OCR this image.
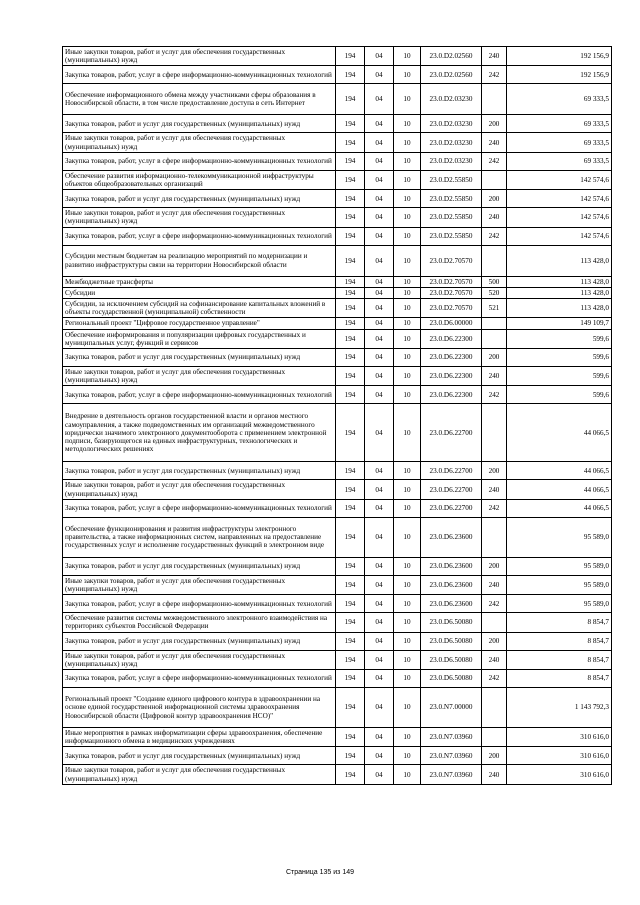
Иные закупки товаров, работ и услуг для обеспечения государственных (муниципальных) нужд	194	04	10	23.0.D2.02560	240	192 156,9
Закупка товаров, работ, услуг в сфере информационно-коммуникационных технологий	194	04	10	23.0.D2.02560	242	192 156,9
Обеспечение информационного обмена между участниками сферы образования в Новосибирской области, в том числе предоставление доступа в сеть Интернет	194	04	10	23.0.D2.03230		69 333,5
Закупка товаров, работ и услуг для государственных (муниципальных) нужд	194	04	10	23.0.D2.03230	200	69 333,5
Иные закупки товаров, работ и услуг для обеспечения государственных (муниципальных) нужд	194	04	10	23.0.D2.03230	240	69 333,5
Закупка товаров, работ, услуг в сфере информационно-коммуникационных технологий	194	04	10	23.0.D2.03230	242	69 333,5
Обеспечение развития информационно-телекоммуникационной инфраструктуры объектов общеобразовательных организаций	194	04	10	23.0.D2.55850		142 574,6
Закупка товаров, работ и услуг для государственных (муниципальных) нужд	194	04	10	23.0.D2.55850	200	142 574,6
Иные закупки товаров, работ и услуг для обеспечения государственных (муниципальных) нужд	194	04	10	23.0.D2.55850	240	142 574,6
Закупка товаров, работ, услуг в сфере информационно-коммуникационных технологий	194	04	10	23.0.D2.55850	242	142 574,6
Субсидии местным бюджетам на реализацию мероприятий по модернизации и развитию инфраструктуры связи на территории Новосибирской области	194	04	10	23.0.D2.70570		113 428,0
Межбюджетные трансферты	194	04	10	23.0.D2.70570	500	113 428,0
Субсидии	194	04	10	23.0.D2.70570	520	113 428,0
Субсидии, за исключением субсидий на софинансирование капитальных вложений в объекты государственной (муниципальной) собственности	194	04	10	23.0.D2.70570	521	113 428,0
Региональный проект "Цифровое государственное управление"	194	04	10	23.0.D6.00000		149 109,7
Обеспечение информирования и популяризации цифровых государственных и муниципальных услуг, функций и сервисов	194	04	10	23.0.D6.22300		599,6
Закупка товаров, работ и услуг для государственных (муниципальных) нужд	194	04	10	23.0.D6.22300	200	599,6
Иные закупки товаров, работ и услуг для обеспечения государственных (муниципальных) нужд	194	04	10	23.0.D6.22300	240	599,6
Закупка товаров, работ, услуг в сфере информационно-коммуникационных технологий	194	04	10	23.0.D6.22300	242	599,6
Внедрение в деятельность органов государственной власти и органов местного самоуправления, а также подведомственных им организаций межведомственного юридически значимого электронного документооборота с применением электронной подписи, базирующегося на единых инфраструктурных, технологических и методологических решениях	194	04	10	23.0.D6.22700		44 066,5
Закупка товаров, работ и услуг для государственных (муниципальных) нужд	194	04	10	23.0.D6.22700	200	44 066,5
Иные закупки товаров, работ и услуг для обеспечения государственных (муниципальных) нужд	194	04	10	23.0.D6.22700	240	44 066,5
Закупка товаров, работ, услуг в сфере информационно-коммуникационных технологий	194	04	10	23.0.D6.22700	242	44 066,5
Обеспечение функционирования и развития инфраструктуры электронного правительства, а также информационных систем, направленных на предоставление государственных услуг и исполнение государственных функций в электронном виде	194	04	10	23.0.D6.23600		95 589,0
Закупка товаров, работ и услуг для государственных (муниципальных) нужд	194	04	10	23.0.D6.23600	200	95 589,0
Иные закупки товаров, работ и услуг для обеспечения государственных (муниципальных) нужд	194	04	10	23.0.D6.23600	240	95 589,0
Закупка товаров, работ, услуг в сфере информационно-коммуникационных технологий	194	04	10	23.0.D6.23600	242	95 589,0
Обеспечение развития системы межведомственного электронного взаимодействия на территориях субъектов Российской Федерации	194	04	10	23.0.D6.50080		8 854,7
Закупка товаров, работ и услуг для государственных (муниципальных) нужд	194	04	10	23.0.D6.50080	200	8 854,7
Иные закупки товаров, работ и услуг для обеспечения государственных (муниципальных) нужд	194	04	10	23.0.D6.50080	240	8 854,7
Закупка товаров, работ, услуг в сфере информационно-коммуникационных технологий	194	04	10	23.0.D6.50080	242	8 854,7
Региональный проект "Создание единого цифрового контура в здравоохранении на основе единой государственной информационной системы здравоохранения Новосибирской области (Цифровой контур здравоохранения НСО)"	194	04	10	23.0.N7.00000		1 143 792,3
Иные мероприятия в рамках информатизации сферы здравоохранения, обеспечение информационного обмена в медицинских учреждениях	194	04	10	23.0.N7.03960		310 616,0
Закупка товаров, работ и услуг для государственных (муниципальных) нужд	194	04	10	23.0.N7.03960	200	310 616,0
Иные закупки товаров, работ и услуг для обеспечения государственных (муниципальных) нужд	194	04	10	23.0.N7.03960	240	310 616,0
Страница 135 из 149
